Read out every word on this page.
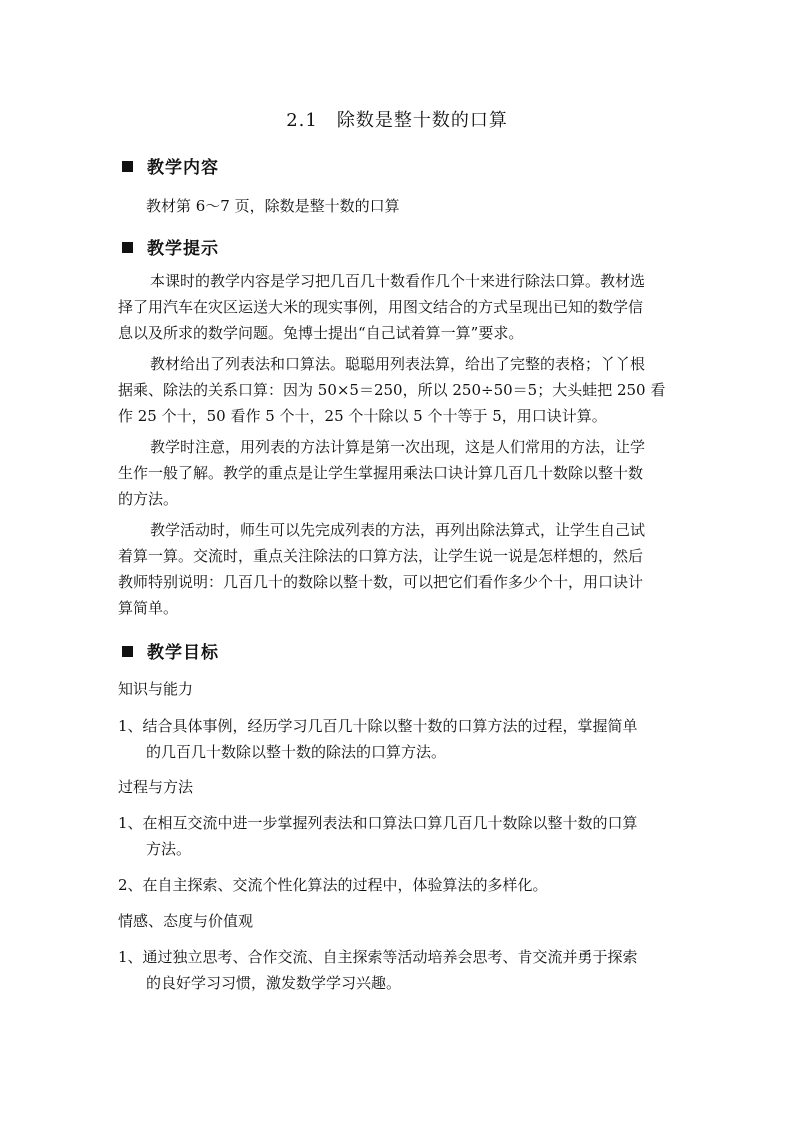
2.1　除数是整十数的口算
教学内容
教材第 6～7 页，除数是整十数的口算
教学提示
本课时的教学内容是学习把几百几十数看作几个十来进行除法口算。教材选
择了用汽车在灾区运送大米的现实事例，用图文结合的方式呈现出已知的数学信
息以及所求的数学问题。兔博士提出“自己试着算一算”要求。
教材给出了列表法和口算法。聪聪用列表法算，给出了完整的表格；丫丫根
据乘、除法的关系口算：因为 50×5＝250，所以 250÷50＝5；大头蛙把 250 看
作 25 个十，50 看作 5 个十，25 个十除以 5 个十等于 5，用口诀计算。
教学时注意，用列表的方法计算是第一次出现，这是人们常用的方法，让学
生作一般了解。教学的重点是让学生掌握用乘法口诀计算几百几十数除以整十数
的方法。
教学活动时，师生可以先完成列表的方法，再列出除法算式，让学生自己试
着算一算。交流时，重点关注除法的口算方法，让学生说一说是怎样想的，然后
教师特别说明：几百几十的数除以整十数，可以把它们看作多少个十，用口诀计
算简单。
教学目标
知识与能力
1、结合具体事例，经历学习几百几十除以整十数的口算方法的过程，掌握简单
的几百几十数除以整十数的除法的口算方法。
过程与方法
1、在相互交流中进一步掌握列表法和口算法口算几百几十数除以整十数的口算
方法。
2、在自主探索、交流个性化算法的过程中，体验算法的多样化。
情感、态度与价值观
1、通过独立思考、合作交流、自主探索等活动培养会思考、肯交流并勇于探索
的良好学习习惯，激发数学学习兴趣。
